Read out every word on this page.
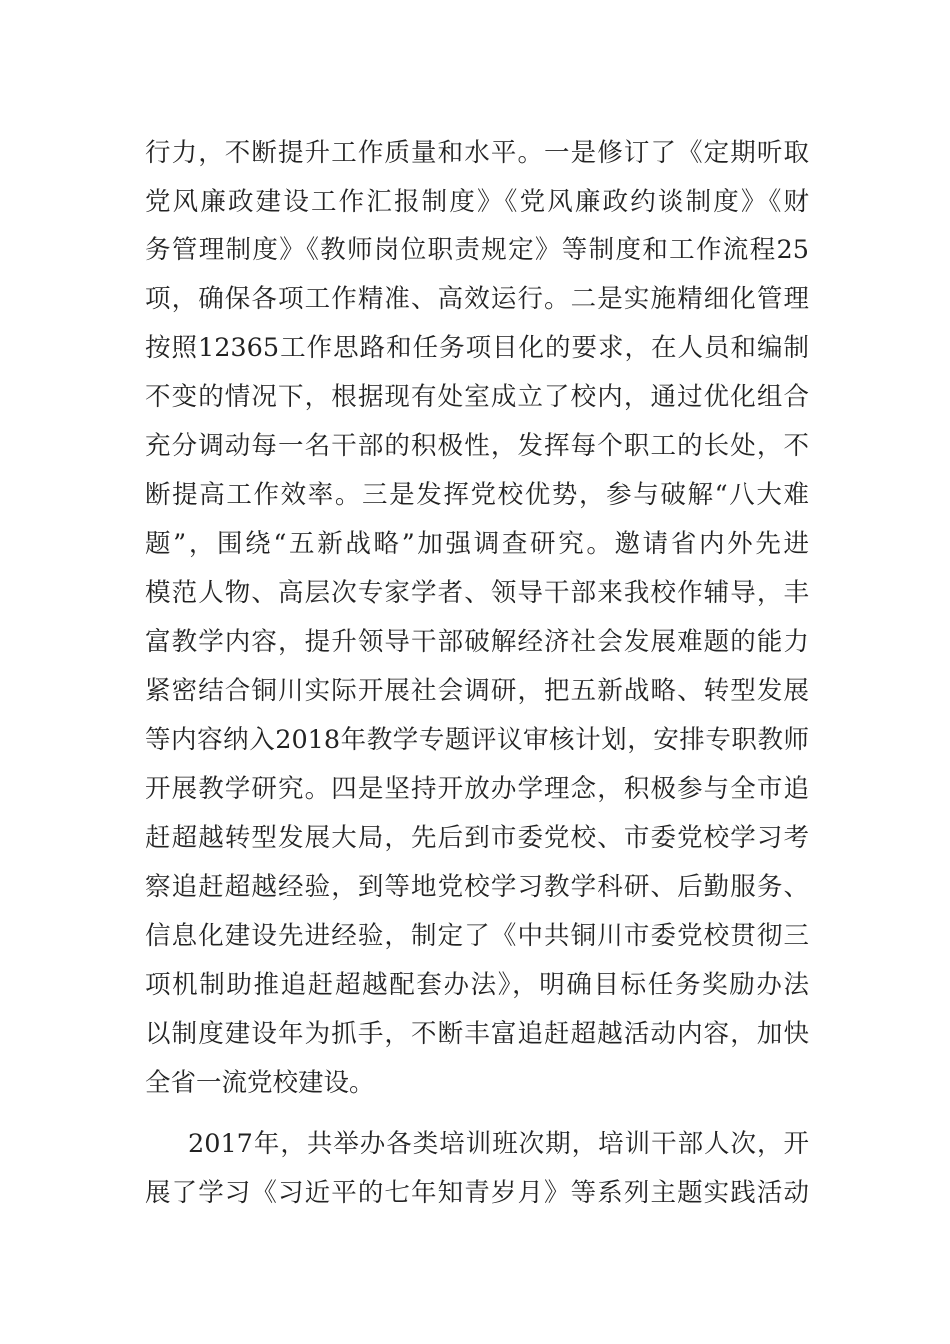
行力，不断提升工作质量和水平。一是修订了《定期听取
党风廉政建设工作汇报制度》《党风廉政约谈制度》《财
务管理制度》《教师岗位职责规定》等制度和工作流程25
项，确保各项工作精准、高效运行。二是实施精细化管理
按照12365工作思路和任务项目化的要求，在人员和编制
不变的情况下，根据现有处室成立了校内，通过优化组合
充分调动每一名干部的积极性，发挥每个职工的长处，不
断提高工作效率。三是发挥党校优势，参与破解“八大难
题”，围绕“五新战略”加强调查研究。邀请省内外先进
模范人物、高层次专家学者、领导干部来我校作辅导，丰
富教学内容，提升领导干部破解经济社会发展难题的能力
紧密结合铜川实际开展社会调研，把五新战略、转型发展
等内容纳入2018年教学专题评议审核计划，安排专职教师
开展教学研究。四是坚持开放办学理念，积极参与全市追
赶超越转型发展大局，先后到市委党校、市委党校学习考
察追赶超越经验，到等地党校学习教学科研、后勤服务、
信息化建设先进经验，制定了《中共铜川市委党校贯彻三
项机制助推追赶超越配套办法》，明确目标任务奖励办法
以制度建设年为抓手，不断丰富追赶超越活动内容，加快
全省一流党校建设。
2017年，共举办各类培训班次期，培训干部人次，开
展了学习《习近平的七年知青岁月》等系列主题实践活动
